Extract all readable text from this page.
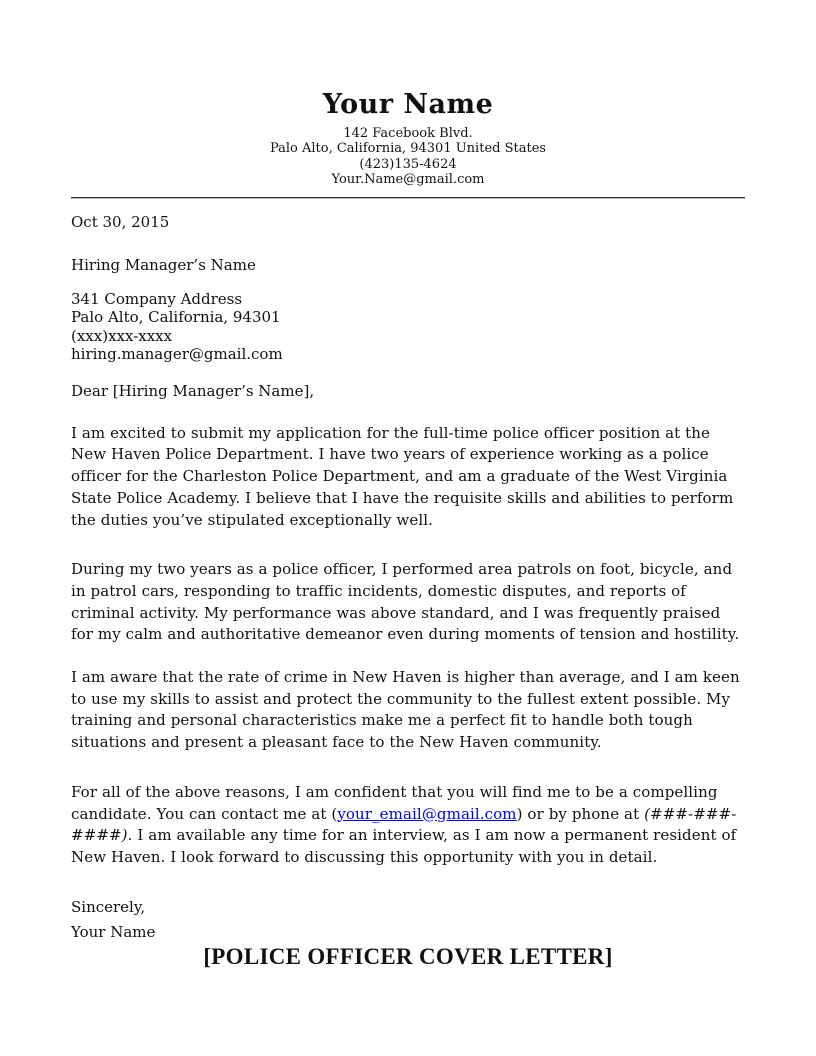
Your Name
142 Facebook Blvd.
Palo Alto, California, 94301 United States
(423)135-4624
Your.Name@gmail.com

Oct 30, 2015

Hiring Manager’s Name

341 Company Address
Palo Alto, California, 94301
(xxx)xxx-xxxx
hiring.manager@gmail.com

Dear [Hiring Manager’s Name],

I am excited to submit my application for the full-time police officer position at the New Haven Police Department. I have two years of experience working as a police officer for the Charleston Police Department, and am a graduate of the West Virginia State Police Academy. I believe that I have the requisite skills and abilities to perform the duties you’ve stipulated exceptionally well.

During my two years as a police officer, I performed area patrols on foot, bicycle, and in patrol cars, responding to traffic incidents, domestic disputes, and reports of criminal activity. My performance was above standard, and I was frequently praised for my calm and authoritative demeanor even during moments of tension and hostility.

I am aware that the rate of crime in New Haven is higher than average, and I am keen to use my skills to assist and protect the community to the fullest extent possible. My training and personal characteristics make me a perfect fit to handle both tough situations and present a pleasant face to the New Haven community.

For all of the above reasons, I am confident that you will find me to be a compelling candidate. You can contact me at (your_email@gmail.com) or by phone at (###-###-####). I am available any time for an interview, as I am now a permanent resident of New Haven. I look forward to discussing this opportunity with you in detail.

Sincerely,

Your Name

[POLICE OFFICER COVER LETTER]
